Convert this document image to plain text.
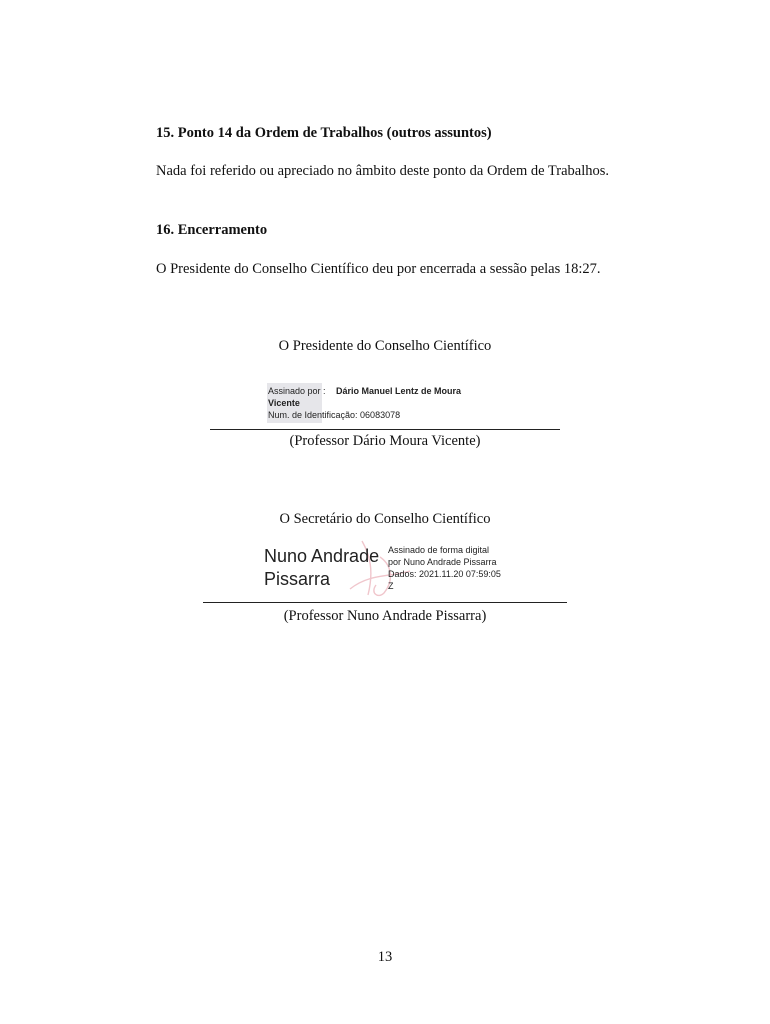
15. Ponto 14 da Ordem de Trabalhos (outros assuntos)
Nada foi referido ou apreciado no âmbito deste ponto da Ordem de Trabalhos.
16. Encerramento
O Presidente do Conselho Científico deu por encerrada a sessão pelas 18:27.
O Presidente do Conselho Científico
Assinado por : Dário Manuel Lentz de Moura
Vicente
Num. de Identificação: 06083078
(Professor Dário Moura Vicente)
O Secretário do Conselho Científico
Nuno Andrade
Pissarra
Assinado de forma digital
por Nuno Andrade Pissarra
Dados: 2021.11.20 07:59:05
Z
(Professor Nuno Andrade Pissarra)
13
